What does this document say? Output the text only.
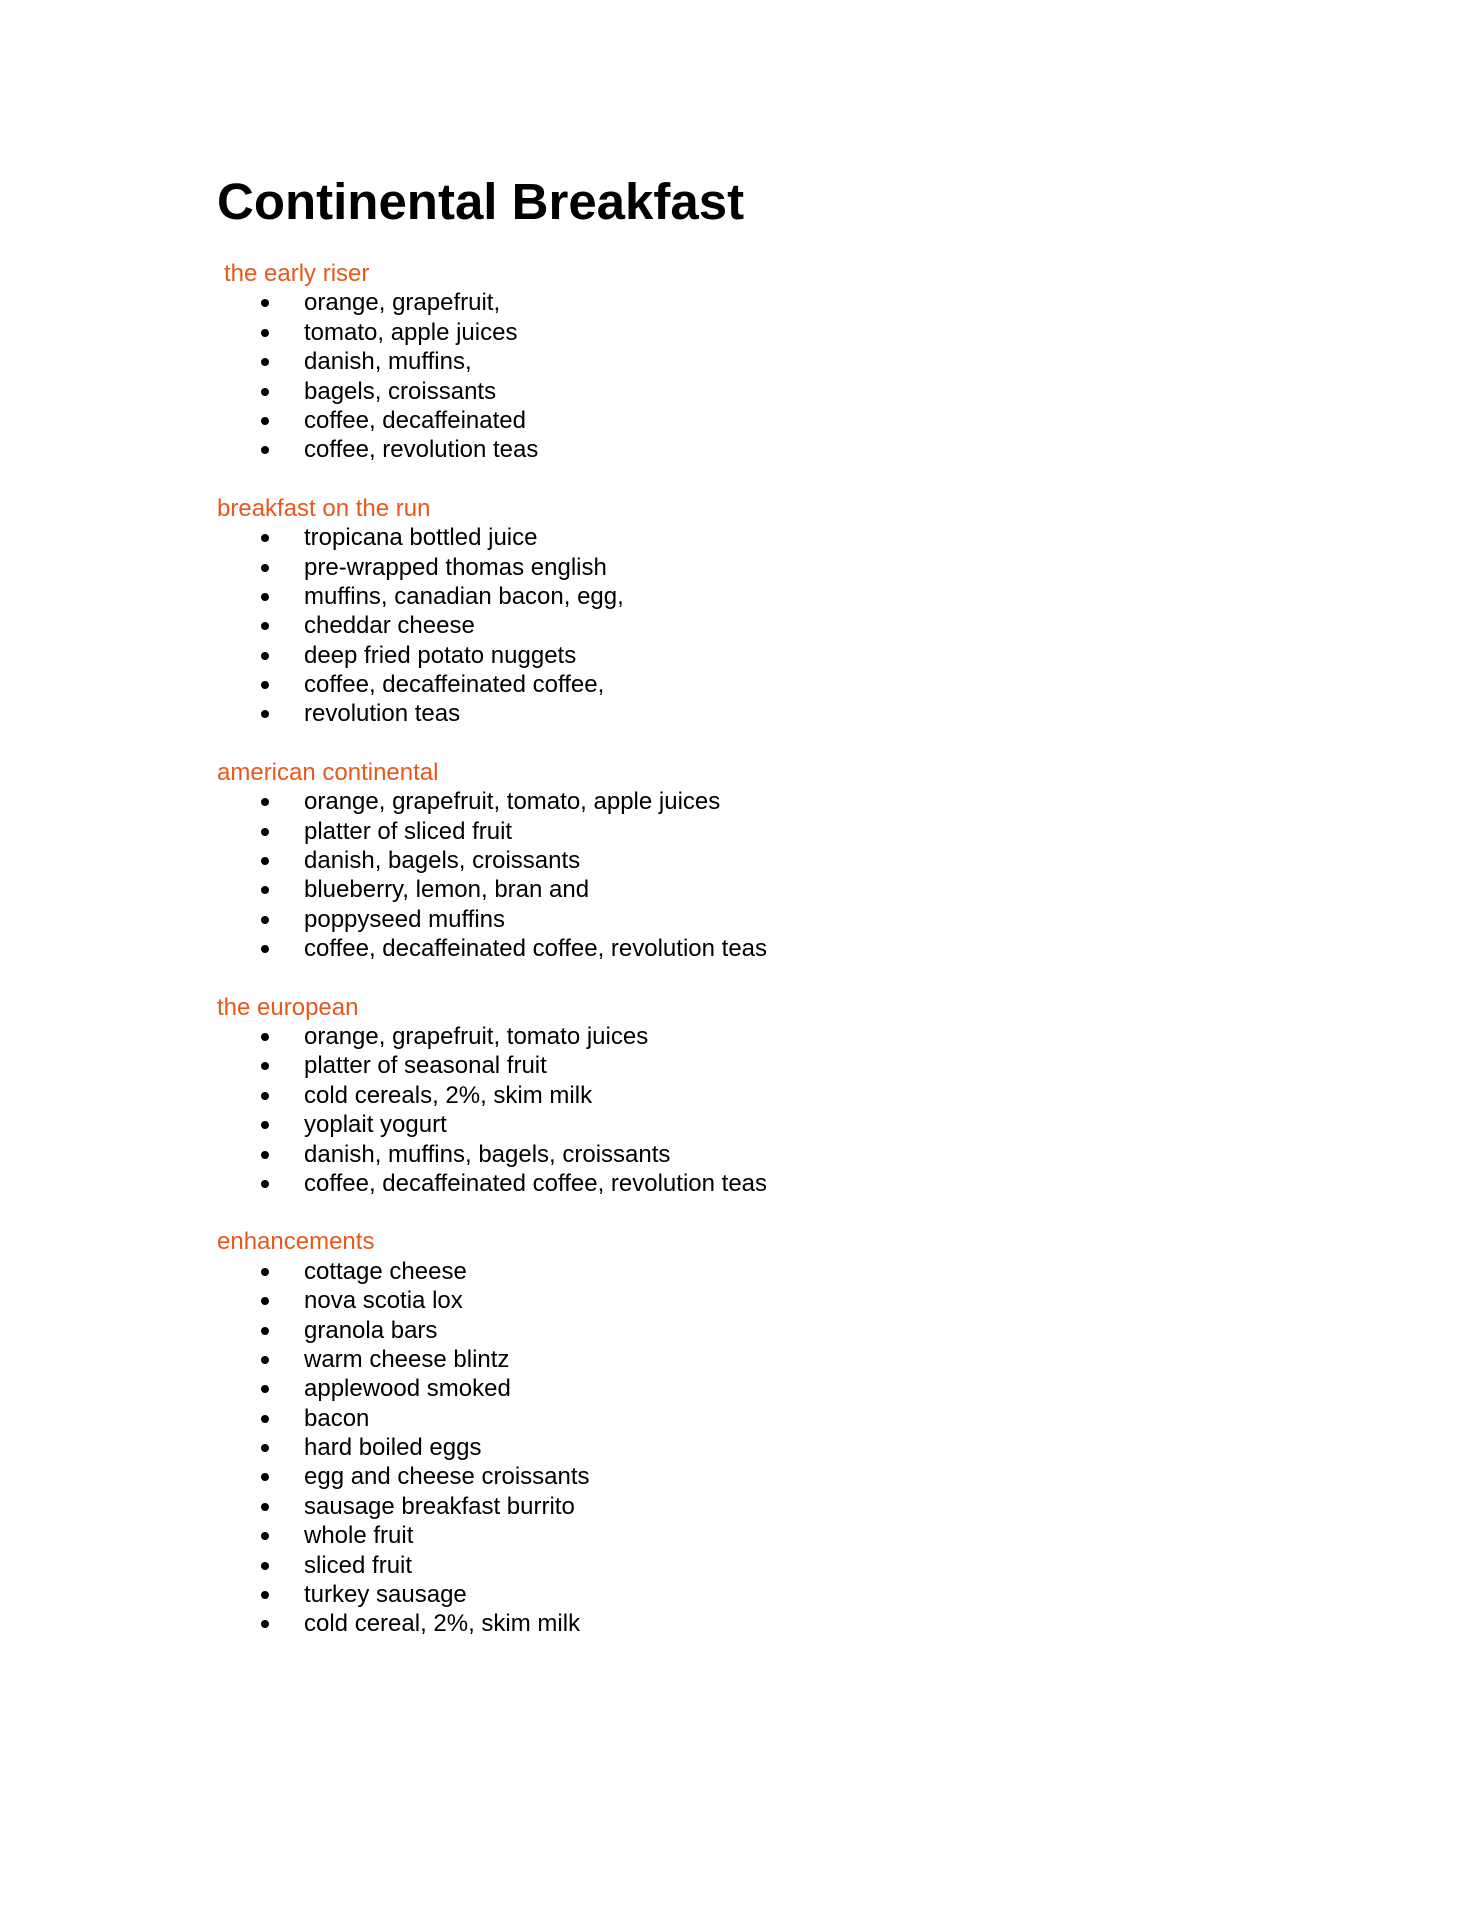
Continental Breakfast
the early riser
orange, grapefruit,
tomato, apple juices
danish, muffins,
bagels, croissants
coffee, decaffeinated
coffee, revolution teas
breakfast on the run
tropicana bottled juice
pre-wrapped thomas english
muffins, canadian bacon, egg,
cheddar cheese
deep fried potato nuggets
coffee, decaffeinated coffee,
revolution teas
american continental
orange, grapefruit, tomato, apple juices
platter of sliced fruit
danish, bagels, croissants
blueberry, lemon, bran and
poppyseed muffins
coffee, decaffeinated coffee, revolution teas
the european
orange, grapefruit, tomato juices
platter of seasonal fruit
cold cereals, 2%, skim milk
yoplait yogurt
danish, muffins, bagels, croissants
coffee, decaffeinated coffee, revolution teas
enhancements
cottage cheese
nova scotia lox
granola bars
warm cheese blintz
applewood smoked
bacon
hard boiled eggs
egg and cheese croissants
sausage breakfast burrito
whole fruit
sliced fruit
turkey sausage
cold cereal, 2%, skim milk
